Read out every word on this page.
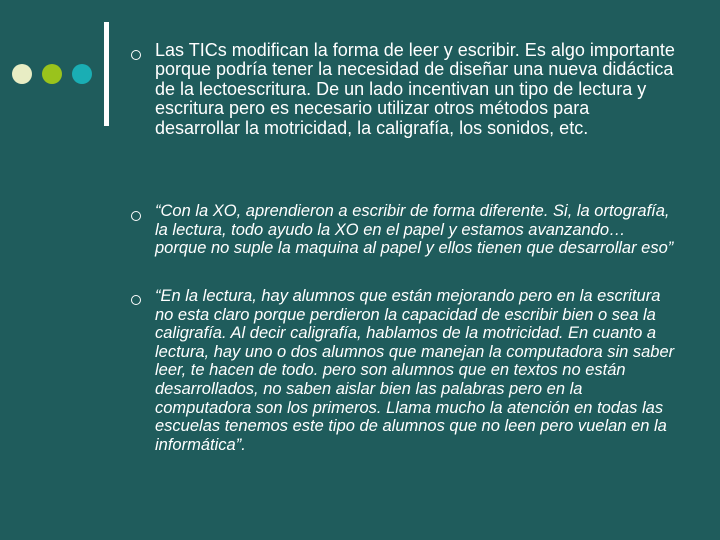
Las TICs modifican la forma de leer y escribir. Es algo importante porque podría tener la necesidad de diseñar una nueva didáctica de la lectoescritura. De un lado incentivan un tipo de lectura y escritura pero es necesario utilizar otros métodos para desarrollar la motricidad, la caligrafía, los sonidos, etc.

“Con la XO, aprendieron a escribir de forma diferente. Si, la ortografía, la lectura, todo ayudo la XO en el papel y estamos avanzando… porque no suple la maquina al papel y ellos tienen que desarrollar eso”

“En la lectura, hay alumnos que están mejorando pero en la escritura no esta claro porque perdieron la capacidad de escribir bien o sea la caligrafía. Al decir caligrafía, hablamos de la motricidad. En cuanto a lectura, hay uno o dos alumnos que manejan la computadora sin saber leer, te hacen de todo. pero son alumnos que en textos no están desarrollados, no saben aislar bien las palabras pero en la computadora son los primeros. Llama mucho la atención en todas las escuelas tenemos este tipo de alumnos que no leen pero vuelan en la informática”.
